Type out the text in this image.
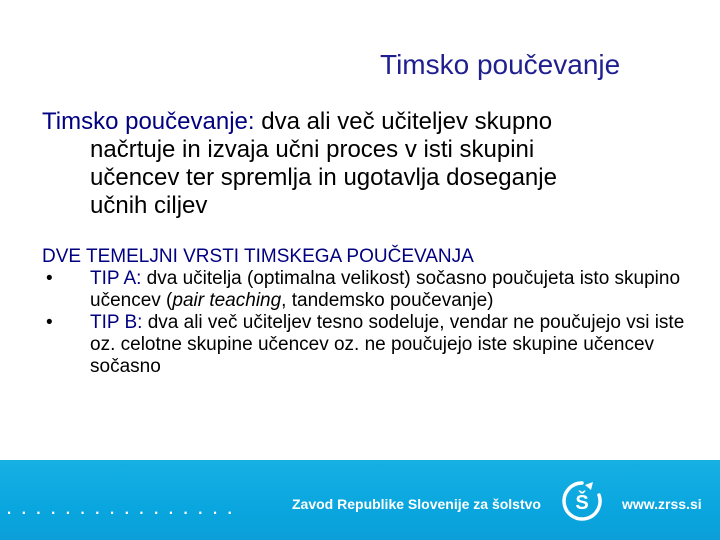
Timsko poučevanje
Timsko poučevanje: dva ali več učiteljev skupno
načrtuje in izvaja učni proces v isti skupini
učencev ter spremlja in ugotavlja doseganje
učnih ciljev
DVE TEMELJNI VRSTI TIMSKEGA POUČEVANJA
• TIP A: dva učitelja (optimalna velikost) sočasno poučujeta isto skupino učencev (pair teaching, tandemsko poučevanje)
• TIP B: dva ali več učiteljev tesno sodeluje, vendar ne poučujejo vsi iste oz. celotne skupine učencev oz. ne poučujejo iste skupine učencev sočasno
................	Zavod Republike Slovenije za šolstvo Š www.zrss.si
